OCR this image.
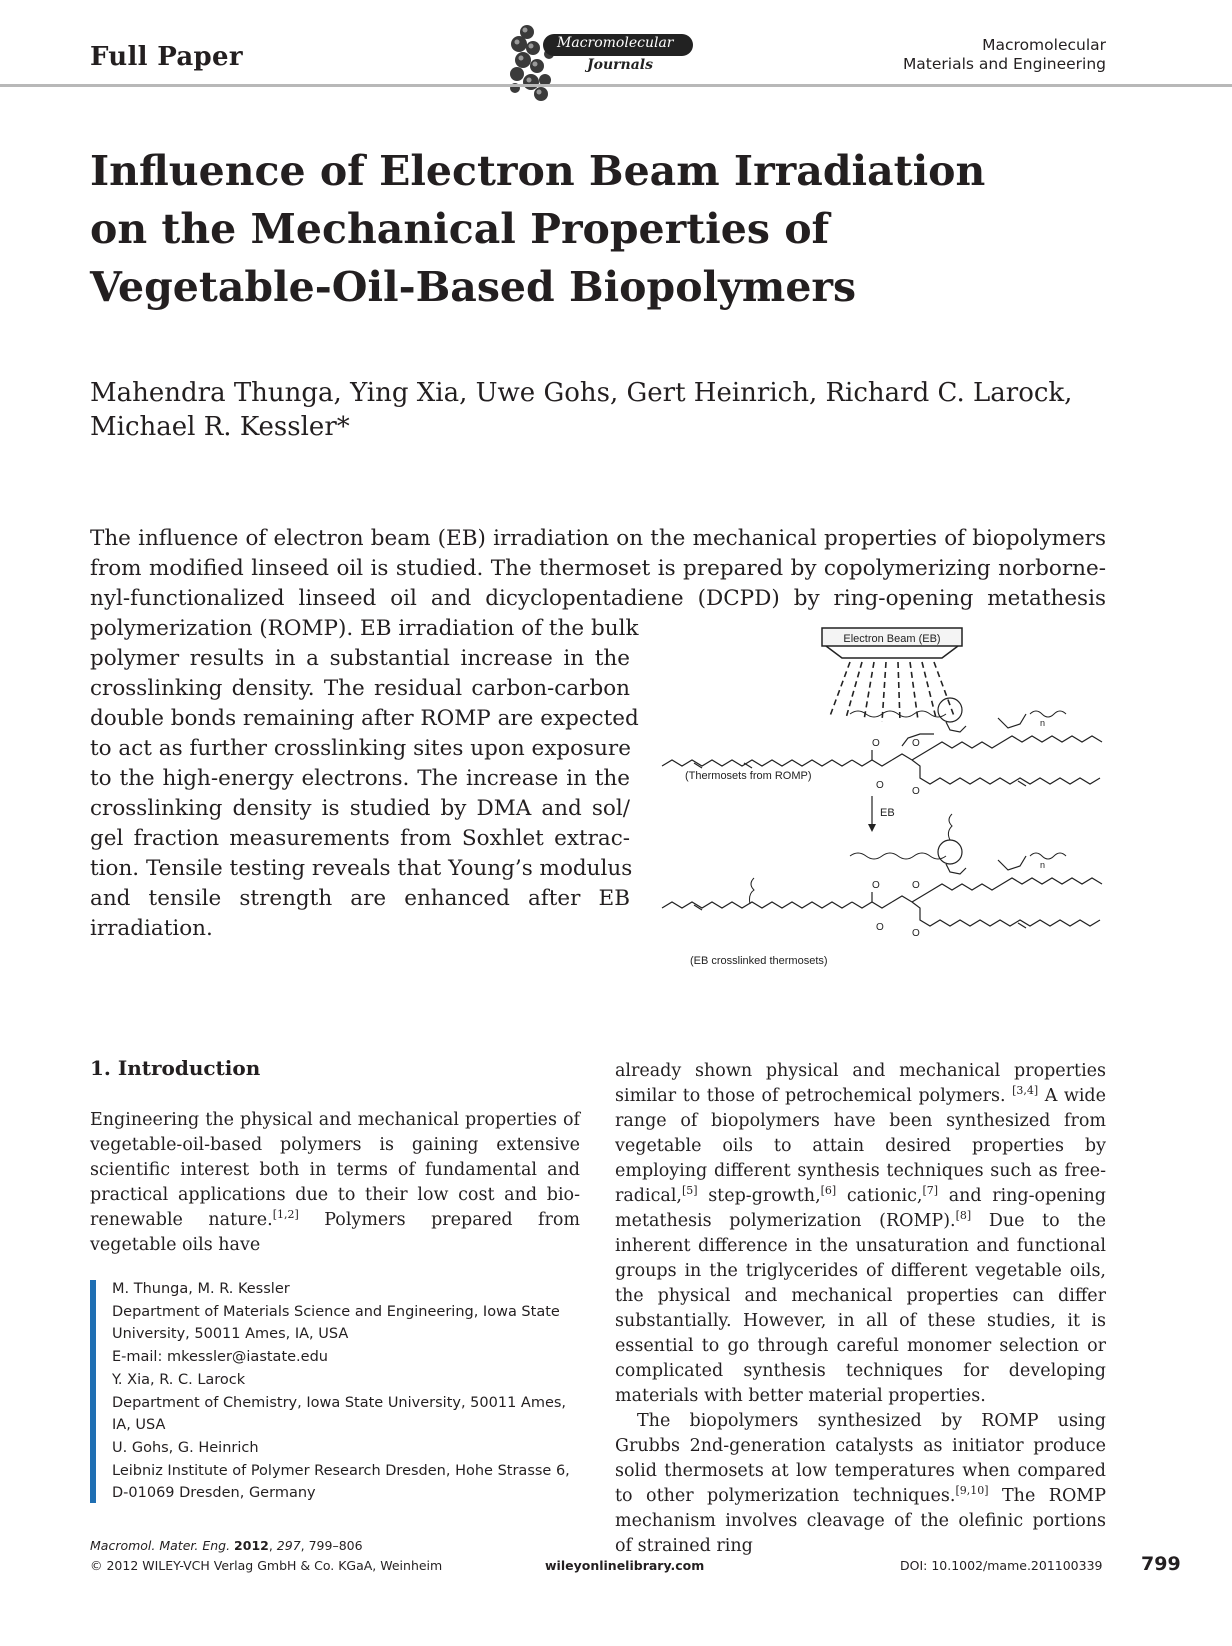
Full Paper	Macromolecular
Journals
Macromolecular
Materials and Engineering
Influence of Electron Beam Irradiation on the Mechanical Properties of Vegetable-Oil-Based Biopolymers
Mahendra Thunga, Ying Xia, Uwe Gohs, Gert Heinrich, Richard C. Larock, Michael R. Kessler*
The influence of electron beam (EB) irradiation on the mechanical properties of biopolymers
from modified linseed oil is studied. The thermoset is prepared by copolymerizing norborne-
nyl-functionalized linseed oil and dicyclopentadiene (DCPD) by ring-opening metathesis
polymerization (ROMP). EB irradiation of the bulk
polymer results in a substantial increase in the
crosslinking density. The residual carbon-carbon
double bonds remaining after ROMP are expected
to act as further crosslinking sites upon exposure
to the high-energy electrons. The increase in the
crosslinking density is studied by DMA and sol/
gel fraction measurements from Soxhlet extrac-
tion. Tensile testing reveals that Young’s modulus
and tensile strength are enhanced after EB
irradiation.
Electron Beam (EB)
O
O
O
O
n
(Thermosets from ROMP)
EB
O
O
O
O
n
(EB crosslinked thermosets)
1. Introduction
Engineering the physical and mechanical properties of vegetable-oil-based polymers is gaining extensive scientific interest both in terms of fundamental and practical applications due to their low cost and bio-renewable nature.[1,2] Polymers prepared from vegetable oils have

already shown physical and mechanical properties similar to those of petrochemical polymers. [3,4] A wide range of biopolymers have been synthesized from vegetable oils to attain desired properties by employing different synthesis techniques such as free-radical,[5] step-growth,[6] cationic,[7] and ring-opening metathesis polymerization (ROMP).[8] Due to the inherent difference in the unsaturation and functional groups in the triglycerides of different vegetable oils, the physical and mechanical properties can differ substantially. However, in all of these studies, it is essential to go through careful monomer selection or complicated synthesis techniques for developing materials with better material properties.

The biopolymers synthesized by ROMP using Grubbs 2nd-generation catalysts as initiator produce solid thermosets at low temperatures when compared to other polymerization techniques.[9,10] The ROMP mechanism involves cleavage of the olefinic portions of strained ring

M. Thunga, M. R. Kessler
Department of Materials Science and Engineering, Iowa State
University, 50011 Ames, IA, USA
E-mail: mkessler@iastate.edu
Y. Xia, R. C. Larock
Department of Chemistry, Iowa State University, 50011 Ames,
IA, USA
U. Gohs, G. Heinrich
Leibniz Institute of Polymer Research Dresden, Hohe Strasse 6,
D-01069 Dresden, Germany
Macromol. Mater. Eng. 2012, 297, 799–806
© 2012 WILEY-VCH Verlag GmbH & Co. KGaA, Weinheim	wileyonlinelibrary.com	DOI: 10.1002/mame.201100339 799
